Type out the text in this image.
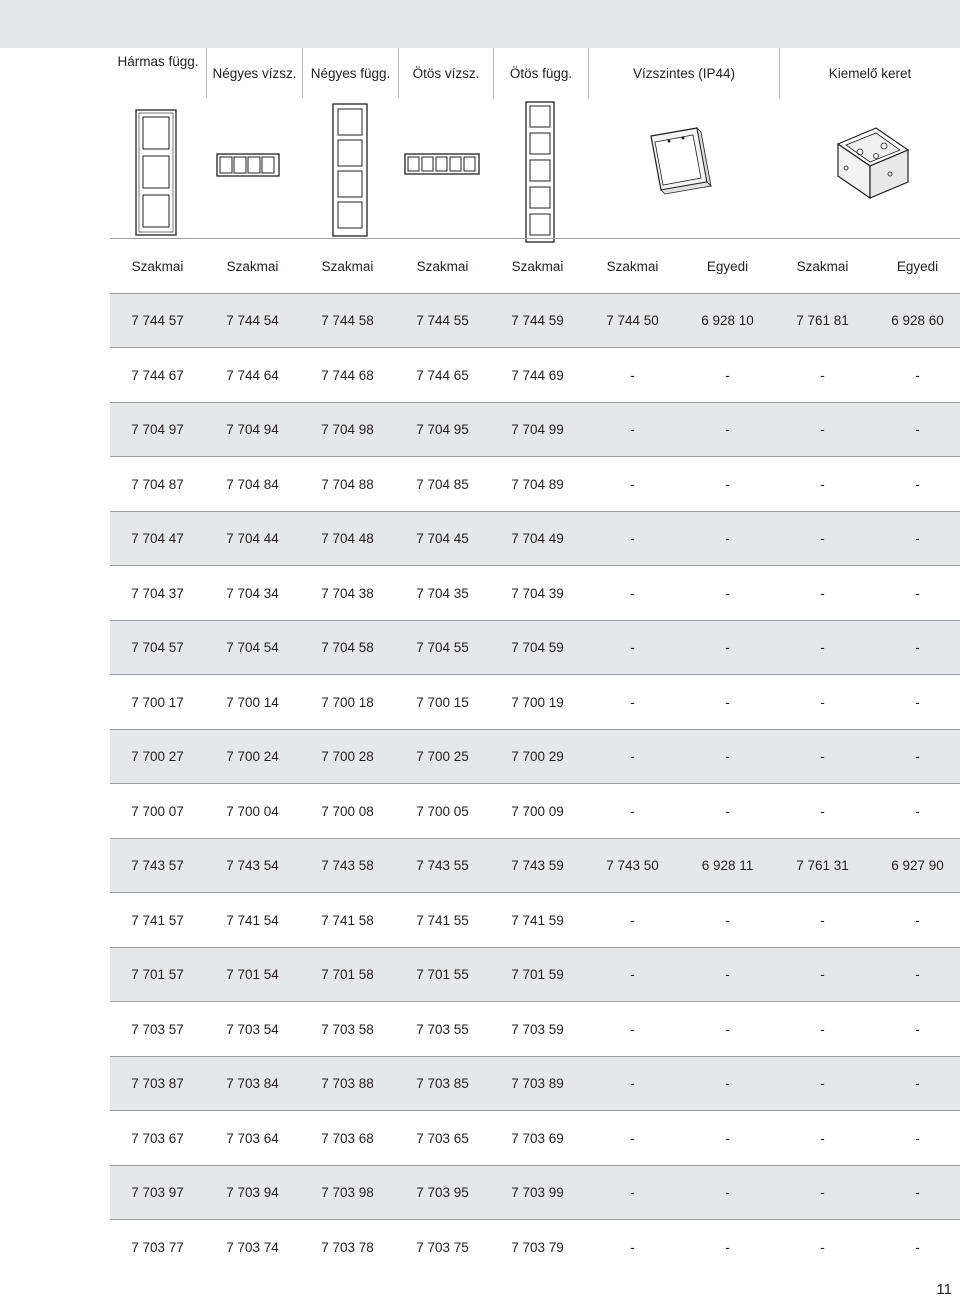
Hármas függ.
Négyes vízsz.	Négyes függ.	Ötös vízsz.	Ötös függ.	Vízszintes (IP44)	Kiemelő keret
Szakmai	Szakmai	Szakmai	Szakmai	Szakmai	Szakmai	Egyedi	Szakmai	Egyedi
7 744 57	7 744 54	7 744 58	7 744 55	7 744 59	7 744 50	6 928 10	7 761 81	6 928 60
7 744 67	7 744 64	7 744 68	7 744 65	7 744 69	-	-	-	-
7 704 97	7 704 94	7 704 98	7 704 95	7 704 99	-	-	-	-
7 704 87	7 704 84	7 704 88	7 704 85	7 704 89	-	-	-	-
7 704 47	7 704 44	7 704 48	7 704 45	7 704 49	-	-	-	-
7 704 37	7 704 34	7 704 38	7 704 35	7 704 39	-	-	-	-
7 704 57	7 704 54	7 704 58	7 704 55	7 704 59	-	-	-	-
7 700 17	7 700 14	7 700 18	7 700 15	7 700 19	-	-	-	-
7 700 27	7 700 24	7 700 28	7 700 25	7 700 29	-	-	-	-
7 700 07	7 700 04	7 700 08	7 700 05	7 700 09	-	-	-	-
7 743 57	7 743 54	7 743 58	7 743 55	7 743 59	7 743 50	6 928 11	7 761 31	6 927 90
7 741 57	7 741 54	7 741 58	7 741 55	7 741 59	-	-	-	-
7 701 57	7 701 54	7 701 58	7 701 55	7 701 59	-	-	-	-
7 703 57	7 703 54	7 703 58	7 703 55	7 703 59	-	-	-	-
7 703 87	7 703 84	7 703 88	7 703 85	7 703 89	-	-	-	-
7 703 67	7 703 64	7 703 68	7 703 65	7 703 69	-	-	-	-
7 703 97	7 703 94	7 703 98	7 703 95	7 703 99	-	-	-	-
7 703 77	7 703 74	7 703 78	7 703 75	7 703 79	-	-	-	-
11
